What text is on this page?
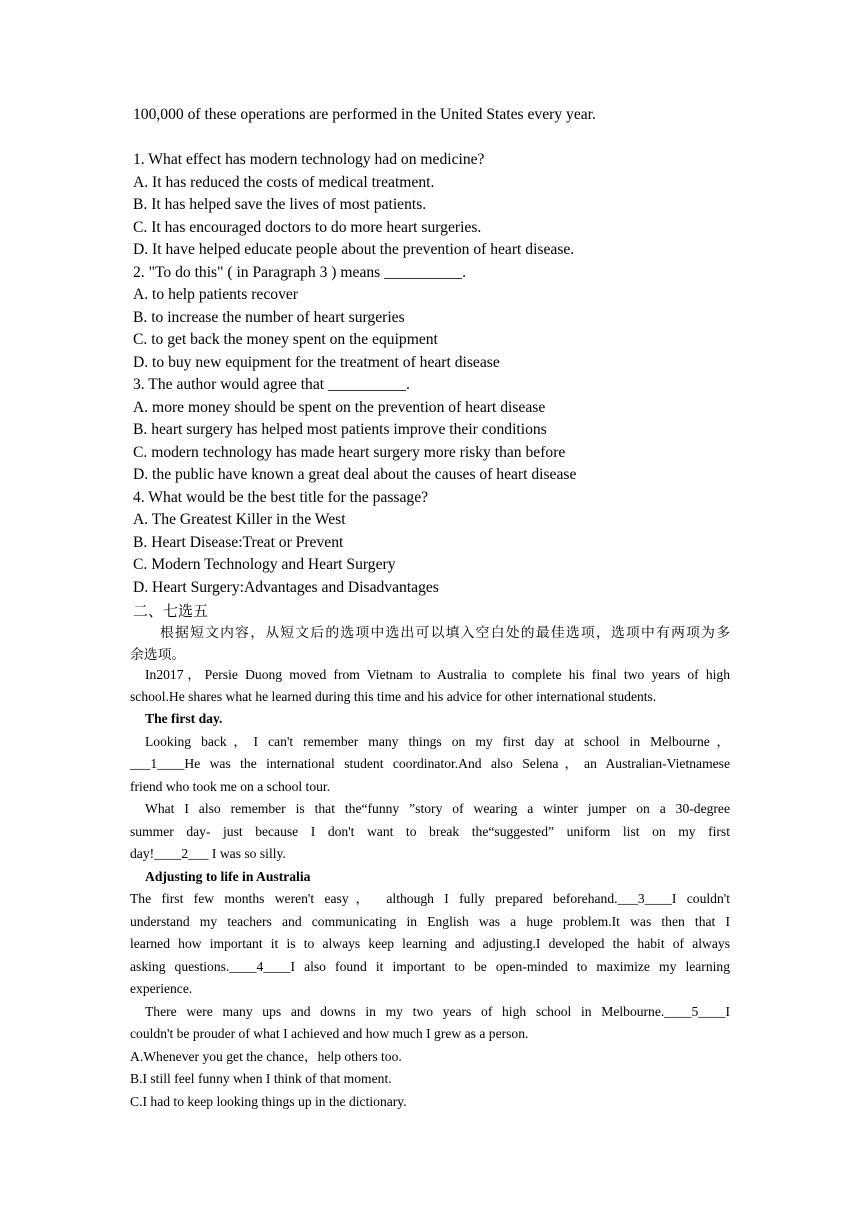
100,000 of these operations are performed in the United States every year.
1. What effect has modern technology had on medicine?
A. It has reduced the costs of medical treatment.
B. It has helped save the lives of most patients.
C. It has encouraged doctors to do more heart surgeries.
D. It have helped educate people about the prevention of heart disease.
2. "To do this" ( in Paragraph 3 ) means __________.
A. to help patients recover
B. to increase the number of heart surgeries
C. to get back the money spent on the equipment
D. to buy new equipment for the treatment of heart disease
3. The author would agree that __________.
A. more money should be spent on the prevention of heart disease
B. heart surgery has helped most patients improve their conditions
C. modern technology has made heart surgery more risky than before
D. the public have known a great deal about the causes of heart disease
4. What would be the best title for the passage?
A. The Greatest Killer in the West
B. Heart Disease:Treat or Prevent
C. Modern Technology and Heart Surgery
D. Heart Surgery:Advantages and Disadvantages
二、七选五
根据短文内容，从短文后的选项中选出可以填入空白处的最佳选项，选项中有两项为多
余选项。
In2017，Persie Duong moved from Vietnam to Australia to complete his final two years of high
school.He shares what he learned during this time and his advice for other international students.
The first day.
Looking back，I can't remember many things on my first day at school in Melbourne，
___1____He was the international student coordinator.And also Selena，an Australian-Vietnamese
friend who took me on a school tour.
What I also remember is that the“funny ”story of wearing a winter jumper on a 30-degree
summer day- just because I don't want to break the“suggested” uniform list on my first
day!____2___ I was so silly.
Adjusting to life in Australia
The first few months weren't easy， although I fully prepared beforehand.___3____I couldn't
understand my teachers and communicating in English was a huge problem.It was then that I
learned how important it is to always keep learning and adjusting.I developed the habit of always
asking questions.____4____I also found it important to be open-minded to maximize my learning
experience.
There were many ups and downs in my two years of high school in Melbourne.____5____I
couldn't be prouder of what I achieved and how much I grew as a person.
A.Whenever you get the chance，help others too.
B.I still feel funny when I think of that moment.
C.I had to keep looking things up in the dictionary.
